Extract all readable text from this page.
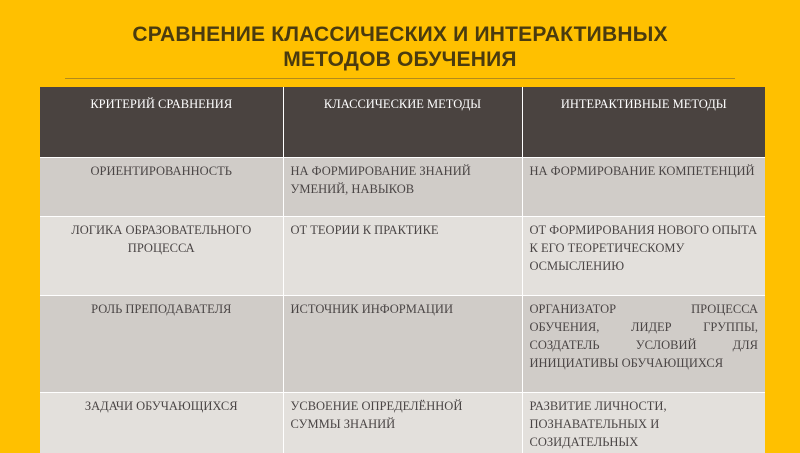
СРАВНЕНИЕ КЛАССИЧЕСКИХ И ИНТЕРАКТИВНЫХ
МЕТОДОВ ОБУЧЕНИЯ
КРИТЕРИЙ СРАВНЕНИЯ	КЛАССИЧЕСКИЕ МЕТОДЫ	ИНТЕРАКТИВНЫЕ МЕТОДЫ
ОРИЕНТИРОВАННОСТЬ	НА ФОРМИРОВАНИЕ ЗНАНИЙ УМЕНИЙ, НАВЫКОВ	НА ФОРМИРОВАНИЕ КОМПЕТЕНЦИЙ
ЛОГИКА ОБРАЗОВАТЕЛЬНОГО ПРОЦЕССА	ОТ ТЕОРИИ К ПРАКТИКЕ	ОТ ФОРМИРОВАНИЯ НОВОГО ОПЫТА К ЕГО ТЕОРЕТИЧЕСКОМУ ОСМЫСЛЕНИЮ
РОЛЬ ПРЕПОДАВАТЕЛЯ	ИСТОЧНИК ИНФОРМАЦИИ	ОРГАНИЗАТОР ПРОЦЕССА ОБУЧЕНИЯ, ЛИДЕР ГРУППЫ, СОЗДАТЕЛЬ УСЛОВИЙ ДЛЯ ИНИЦИАТИВЫ ОБУЧАЮЩИХСЯ
ЗАДАЧИ ОБУЧАЮЩИХСЯ	УСВОЕНИЕ ОПРЕДЕЛЁННОЙ СУММЫ ЗНАНИЙ	РАЗВИТИЕ ЛИЧНОСТИ, ПОЗНАВАТЕЛЬНЫХ И СОЗИДАТЕЛЬНЫХ
